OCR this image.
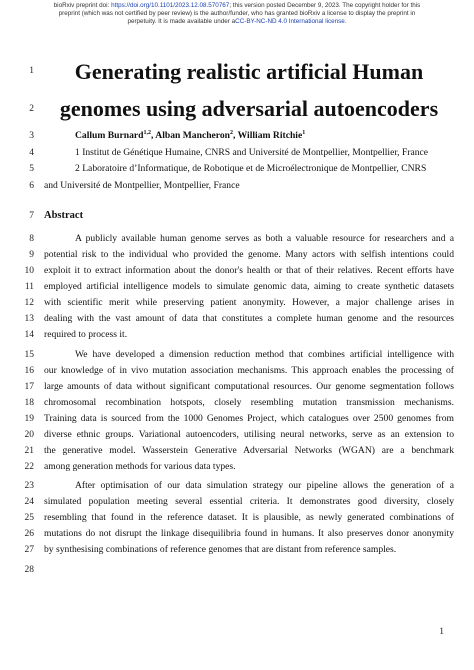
bioRxiv preprint doi: https://doi.org/10.1101/2023.12.08.570767; this version posted December 9, 2023. The copyright holder for this
preprint (which was not certified by peer review) is the author/funder, who has granted bioRxiv a license to display the preprint in
perpetuity. It is made available under aCC-BY-NC-ND 4.0 International license.
1
2
3
4
5
6
7
8
9
10
11
12
13
14
15
16
17
18
19
20
21
22
23
24
25
26
27
28
Generating realistic artificial Human
genomes using adversarial autoencoders
Callum Burnard$^{1,2}$, Alban Mancheron$^2$, William Ritchie$^1$
1 Institut de Génétique Humaine, CNRS and Université de Montpellier, Montpellier, France
2 Laboratoire d’Informatique, de Robotique et de Microélectronique de Montpellier, CNRS
and Université de Montpellier, Montpellier, France
Abstract
A publicly available human genome serves as both a valuable resource for researchers and a
potential risk to the individual who provided the genome. Many actors with selfish intentions could
exploit it to extract information about the donor's health or that of their relatives. Recent efforts have
employed artificial intelligence models to simulate genomic data, aiming to create synthetic datasets
with scientific merit while preserving patient anonymity. However, a major challenge arises in
dealing with the vast amount of data that constitutes a complete human genome and the resources
required to process it.
We have developed a dimension reduction method that combines artificial intelligence with
our knowledge of in vivo mutation association mechanisms. This approach enables the processing of
large amounts of data without significant computational resources. Our genome segmentation follows
chromosomal recombination hotspots, closely resembling mutation transmission mechanisms.
Training data is sourced from the 1000 Genomes Project, which catalogues over 2500 genomes from
diverse ethnic groups. Variational autoencoders, utilising neural networks, serve as an extension to
the generative model. Wasserstein Generative Adversarial Networks (WGAN) are a benchmark
among generation methods for various data types.
After optimisation of our data simulation strategy our pipeline allows the generation of a
simulated population meeting several essential criteria. It demonstrates good diversity, closely
resembling that found in the reference dataset. It is plausible, as newly generated combinations of
mutations do not disrupt the linkage disequilibria found in humans. It also preserves donor anonymity
by synthesising combinations of reference genomes that are distant from reference samples.
1
